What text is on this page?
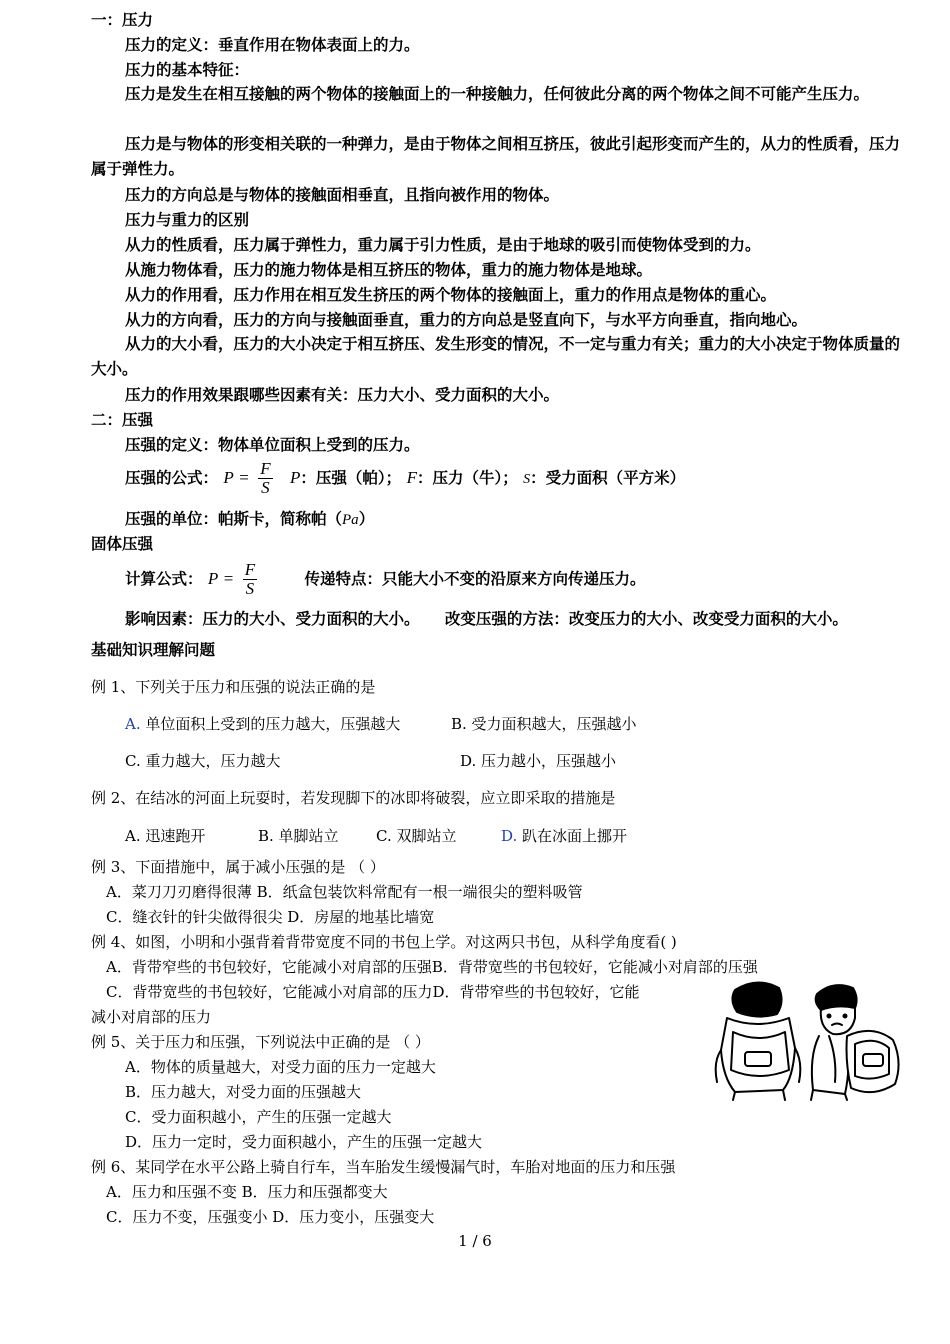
一：压力
压力的定义：垂直作用在物体表面上的力。
压力的基本特征：
压力是发生在相互接触的两个物体的接触面上的一种接触力，任何彼此分离的两个物体之间不可能产生压力。
压力是与物体的形变相关联的一种弹力，是由于物体之间相互挤压，彼此引起形变而产生的，从力的性质看，压力属于弹性力。
压力的方向总是与物体的接触面相垂直，且指向被作用的物体。
压力与重力的区别
从力的性质看，压力属于弹性力，重力属于引力性质，是由于地球的吸引而使物体受到的力。
从施力物体看，压力的施力物体是相互挤压的物体，重力的施力物体是地球。
从力的作用看，压力作用在相互发生挤压的两个物体的接触面上，重力的作用点是物体的重心。
从力的方向看，压力的方向与接触面垂直，重力的方向总是竖直向下，与水平方向垂直，指向地心。
从力的大小看，压力的大小决定于相互挤压、发生形变的情况，不一定与重力有关；重力的大小决定于物体质量的大小。
压力的作用效果跟哪些因素有关：压力大小、受力面积的大小。
二：压强
压强的定义：物体单位面积上受到的压力。
压强的公式： $P = \frac{F}{S}$ P：压强（帕）； F：压力（牛）； S：受力面积（平方米）
压强的单位：帕斯卡，简称帕（Pa）
固体压强
计算公式： $P = \frac{F}{S}$	传递特点：只能大小不变的沿原来方向传递压力。
影响因素：压力的大小、受力面积的大小。 改变压强的方法：改变压力的大小、改变受力面积的大小。
基础知识理解问题
例 1、下列关于压力和压强的说法正确的是
A. 单位面积上受到的压力越大，压强越大	B. 受力面积越大，压强越小
C. 重力越大，压力越大	D. 压力越小，压强越小
例 2、在结冰的河面上玩耍时，若发现脚下的冰即将破裂，应立即采取的措施是
A. 迅速跑开	B. 单脚站立 C. 双脚站立	D. 趴在冰面上挪开
例 3、下面措施中，属于减小压强的是 （ ）
A．菜刀刀刃磨得很薄 B．纸盒包装饮料常配有一根一端很尖的塑料吸管
C．缝衣针的针尖做得很尖 D．房屋的地基比墙宽
例 4、如图，小明和小强背着背带宽度不同的书包上学。对这两只书包，从科学角度看( )
A．背带窄些的书包较好，它能减小对肩部的压强B．背带宽些的书包较好，它能减小对肩部的压强
C．背带宽些的书包较好，它能减小对肩部的压力D．背带窄些的书包较好，它能
减小对肩部的压力
例 5、关于压力和压强，下列说法中正确的是 （ ）
A．物体的质量越大，对受力面的压力一定越大
B．压力越大，对受力面的压强越大
C．受力面积越小，产生的压强一定越大
D．压力一定时，受力面积越小，产生的压强一定越大
例 6、某同学在水平公路上骑自行车，当车胎发生缓慢漏气时，车胎对地面的压力和压强
A．压力和压强不变 B．压力和压强都变大
C．压力不变，压强变小 D．压力变小，压强变大
1 / 6
